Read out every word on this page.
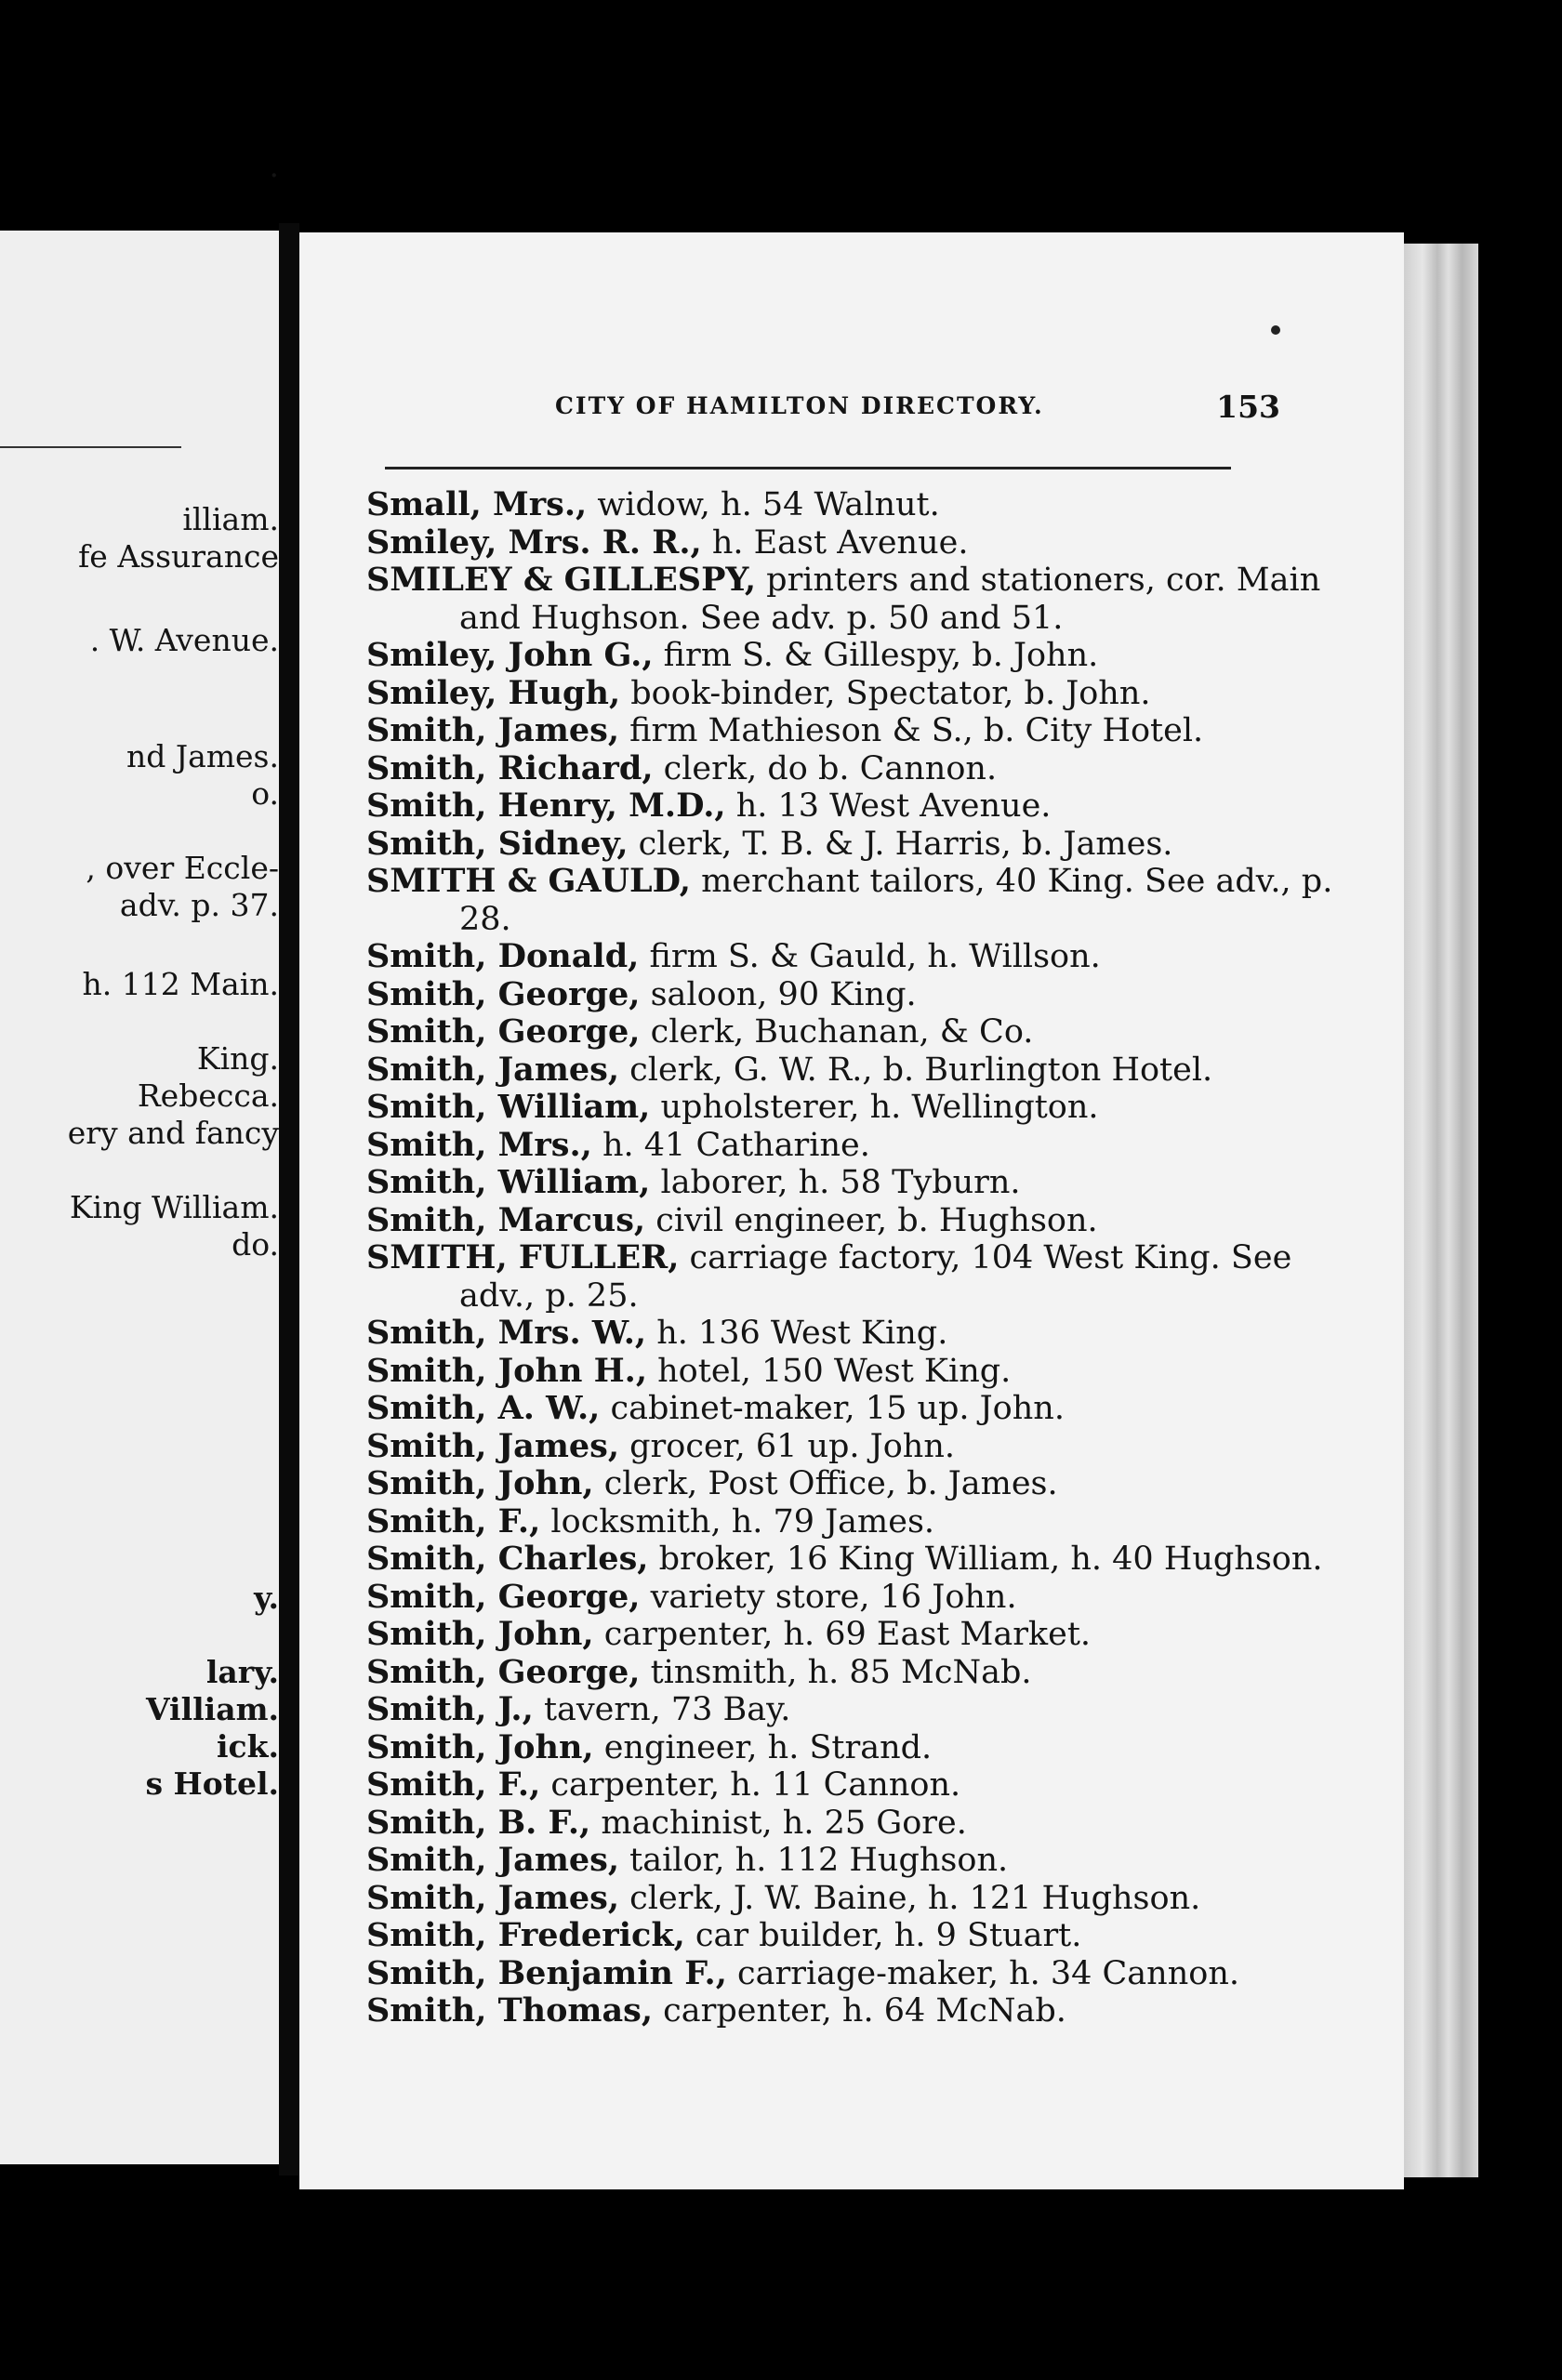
.
illiam.
fe Assurance
. W. Avenue.
nd James.
o.
, over Eccle-
adv. p. 37.
h. 112 Main.
King.
Rebecca.
ery and fancy
King William.
do.
y.
lary.
Villiam.
ick.
s Hotel.
CITY OF HAMILTON DIRECTORY.	153
Small, Mrs., widow, h. 54 Walnut.
Smiley, Mrs. R. R., h. East Avenue.
SMILEY & GILLESPY, printers and stationers, cor. Main and Hughson. See adv. p. 50 and 51.
Smiley, John G., firm S. & Gillespy, b. John.
Smiley, Hugh, book-binder, Spectator, b. John.
Smith, James, firm Mathieson & S., b. City Hotel.
Smith, Richard, clerk, do b. Cannon.
Smith, Henry, M.D., h. 13 West Avenue.
Smith, Sidney, clerk, T. B. & J. Harris, b. James.
SMITH & GAULD, merchant tailors, 40 King. See adv., p. 28.
Smith, Donald, firm S. & Gauld, h. Willson.
Smith, George, saloon, 90 King.
Smith, George, clerk, Buchanan, & Co.
Smith, James, clerk, G. W. R., b. Burlington Hotel.
Smith, William, upholsterer, h. Wellington.
Smith, Mrs., h. 41 Catharine.
Smith, William, laborer, h. 58 Tyburn.
Smith, Marcus, civil engineer, b. Hughson.
SMITH, FULLER, carriage factory, 104 West King. See adv., p. 25.
Smith, Mrs. W., h. 136 West King.
Smith, John H., hotel, 150 West King.
Smith, A. W., cabinet-maker, 15 up. John.
Smith, James, grocer, 61 up. John.
Smith, John, clerk, Post Office, b. James.
Smith, F., locksmith, h. 79 James.
Smith, Charles, broker, 16 King William, h. 40 Hughson.
Smith, George, variety store, 16 John.
Smith, John, carpenter, h. 69 East Market.
Smith, George, tinsmith, h. 85 McNab.
Smith, J., tavern, 73 Bay.
Smith, John, engineer, h. Strand.
Smith, F., carpenter, h. 11 Cannon.
Smith, B. F., machinist, h. 25 Gore.
Smith, James, tailor, h. 112 Hughson.
Smith, James, clerk, J. W. Baine, h. 121 Hughson.
Smith, Frederick, car builder, h. 9 Stuart.
Smith, Benjamin F., carriage-maker, h. 34 Cannon.
Smith, Thomas, carpenter, h. 64 McNab.
